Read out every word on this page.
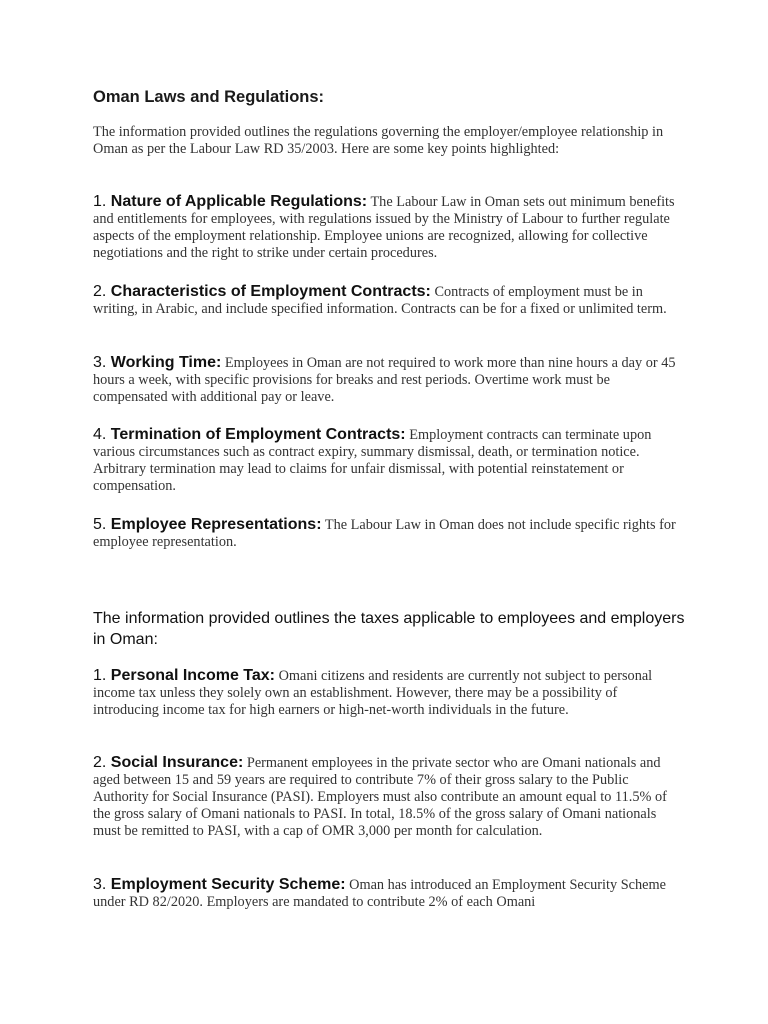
Oman Laws and Regulations:

The information provided outlines the regulations governing the employer/employee relationship in Oman as per the Labour Law RD 35/2003. Here are some key points highlighted:

1. Nature of Applicable Regulations: The Labour Law in Oman sets out minimum benefits and entitlements for employees, with regulations issued by the Ministry of Labour to further regulate aspects of the employment relationship. Employee unions are recognized, allowing for collective negotiations and the right to strike under certain procedures.

2. Characteristics of Employment Contracts: Contracts of employment must be in writing, in Arabic, and include specified information. Contracts can be for a fixed or unlimited term.

3. Working Time: Employees in Oman are not required to work more than nine hours a day or 45 hours a week, with specific provisions for breaks and rest periods. Overtime work must be compensated with additional pay or leave.

4. Termination of Employment Contracts: Employment contracts can terminate upon various circumstances such as contract expiry, summary dismissal, death, or termination notice. Arbitrary termination may lead to claims for unfair dismissal, with potential reinstatement or compensation.

5. Employee Representations: The Labour Law in Oman does not include specific rights for employee representation.

The information provided outlines the taxes applicable to employees and employers in Oman:

1. Personal Income Tax: Omani citizens and residents are currently not subject to personal income tax unless they solely own an establishment. However, there may be a possibility of introducing income tax for high earners or high-net-worth individuals in the future.

2. Social Insurance: Permanent employees in the private sector who are Omani nationals and aged between 15 and 59 years are required to contribute 7% of their gross salary to the Public Authority for Social Insurance (PASI). Employers must also contribute an amount equal to 11.5% of the gross salary of Omani nationals to PASI. In total, 18.5% of the gross salary of Omani nationals must be remitted to PASI, with a cap of OMR 3,000 per month for calculation.

3. Employment Security Scheme: Oman has introduced an Employment Security Scheme under RD 82/2020. Employers are mandated to contribute 2% of each Omani
